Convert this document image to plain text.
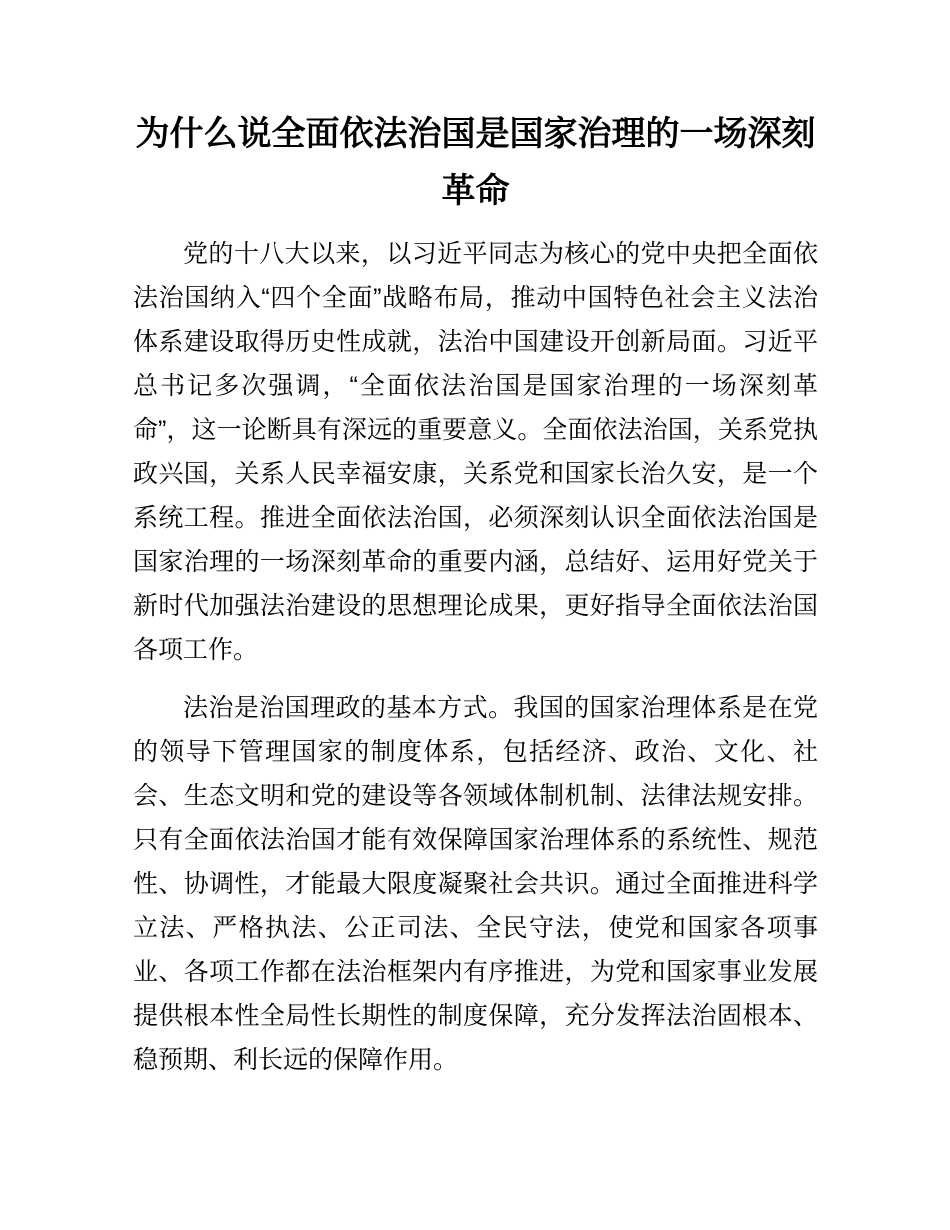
为什么说全面依法治国是国家治理的一场深刻革命

党的十八大以来，以习近平同志为核心的党中央把全面依法治国纳入“四个全面”战略布局，推动中国特色社会主义法治体系建设取得历史性成就，法治中国建设开创新局面。习近平总书记多次强调，“全面依法治国是国家治理的一场深刻革命”，这一论断具有深远的重要意义。全面依法治国，关系党执政兴国，关系人民幸福安康，关系党和国家长治久安，是一个系统工程。推进全面依法治国，必须深刻认识全面依法治国是国家治理的一场深刻革命的重要内涵，总结好、运用好党关于新时代加强法治建设的思想理论成果，更好指导全面依法治国各项工作。

法治是治国理政的基本方式。我国的国家治理体系是在党的领导下管理国家的制度体系，包括经济、政治、文化、社会、生态文明和党的建设等各领域体制机制、法律法规安排。只有全面依法治国才能有效保障国家治理体系的系统性、规范性、协调性，才能最大限度凝聚社会共识。通过全面推进科学立法、严格执法、公正司法、全民守法，使党和国家各项事业、各项工作都在法治框架内有序推进，为党和国家事业发展提供根本性全局性长期性的制度保障，充分发挥法治固根本、稳预期、利长远的保障作用。
